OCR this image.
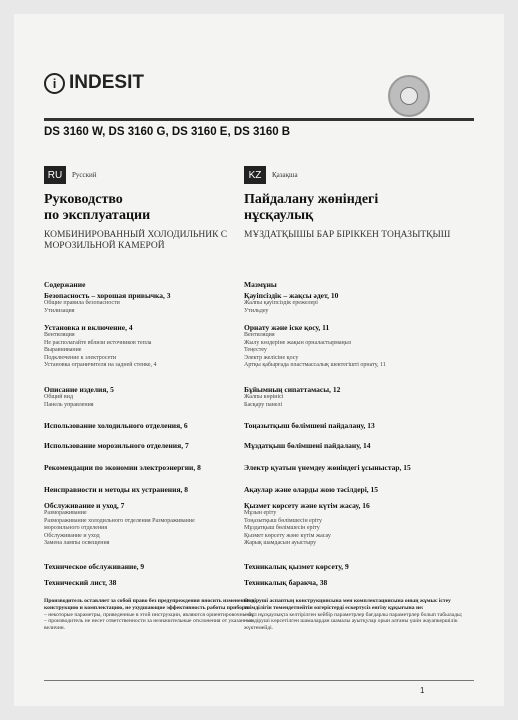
i INDESIT
DS 3160 W, DS 3160 G, DS 3160 E, DS 3160 B
RU	Русский
Руководство
по эксплуатации
КОМБИНИРОВАННЫЙ ХОЛОДИЛЬНИК С МОРОЗИЛЬНОЙ КАМЕРОЙ
Содержание
Безопасность – хорошая привычка, 3
Общие правила безопасности
Утилизация
Установка и включение, 4
Вентиляция
Не располагайте вблизи источников тепла
Выравнивание
Подключение к электросети
Установка ограничителя на задней стенке, 4
Описание изделия, 5
Общий вид
Панель управления
Использование холодильного отделения, 6
Использование морозильного отделения, 7
Рекомендации по экономии электроэнергии, 8
Неисправности и методы их устранения, 8
Обслуживание и уход, 7
Размораживание
Размораживание холодильного отделения Размораживание
морозильного отделения
Обслуживание и уход
Замена лампы освещения
Техническое обслуживание, 9
Технический лист, 38
Производитель оставляет за собой право без предупреждения вносить изменения в конструкцию и комплектацию, не ухудшающие эффективность работы прибора:
– некоторые параметры, приведенные в этой инструкции, являются ориентировочными;
– производитель не несет ответственности за незначительные отклонения от указанных величин.
KZ	Қазақша
Пайдалану жөніндегі
нұсқаулық
МҰЗДАТҚЫШЫ БАР БІРІККЕН ТОҢАЗЫТҚЫШ
Мазмұны
Қауіпсіздік – жақсы әдет, 10
Жалпы қауіпсіздік ережелері
Утильдеу
Орнату және іске қосу, 11
Вентиляция
Жылу көздеріне жақын орналастырмаңыз
Теңестеу
Электр желісіне қосу
Артқы қабырғада пластмассалық шектегішті орнату, 11
Бұйымның сипаттамасы, 12
Жалпы көрінісі
Басқару панелі
Тоңазытқыш бөлімшені пайдалану, 13
Мұздатқыш бөлімшені пайдалану, 14
Электр қуатын үнемдеу жөніндегі ұсыныстар, 15
Ақаулар және оларды жою тәсілдері, 15
Қызмет көрсету және күтім жасау, 16
Мұзын еріту
Тоңазытқыш бөлімшесін еріту
Мұздатқыш бөлімшесін еріту
Қызмет көрсету және күтім жасау
Жарық шамдасын ауыстыру
Техникалық қызмет көрсету, 9
Техникалық баракча, 38
Өндіруші аспаптың конструкциясына мен комплектациясына оның жұмыс істеу тиімділігін төмендетпейтін өзгерістерді ескертусіз енгізу құқығына ие:
– бұл нұсқаулықта келтірілген кейбір параметрлер бағдарлы параметрлер болып табылады;
– өндіруші көрсетілген шамалардан шамалы ауытқулар орын алғаны үшін жауапкершілік жүктемейді.
1
